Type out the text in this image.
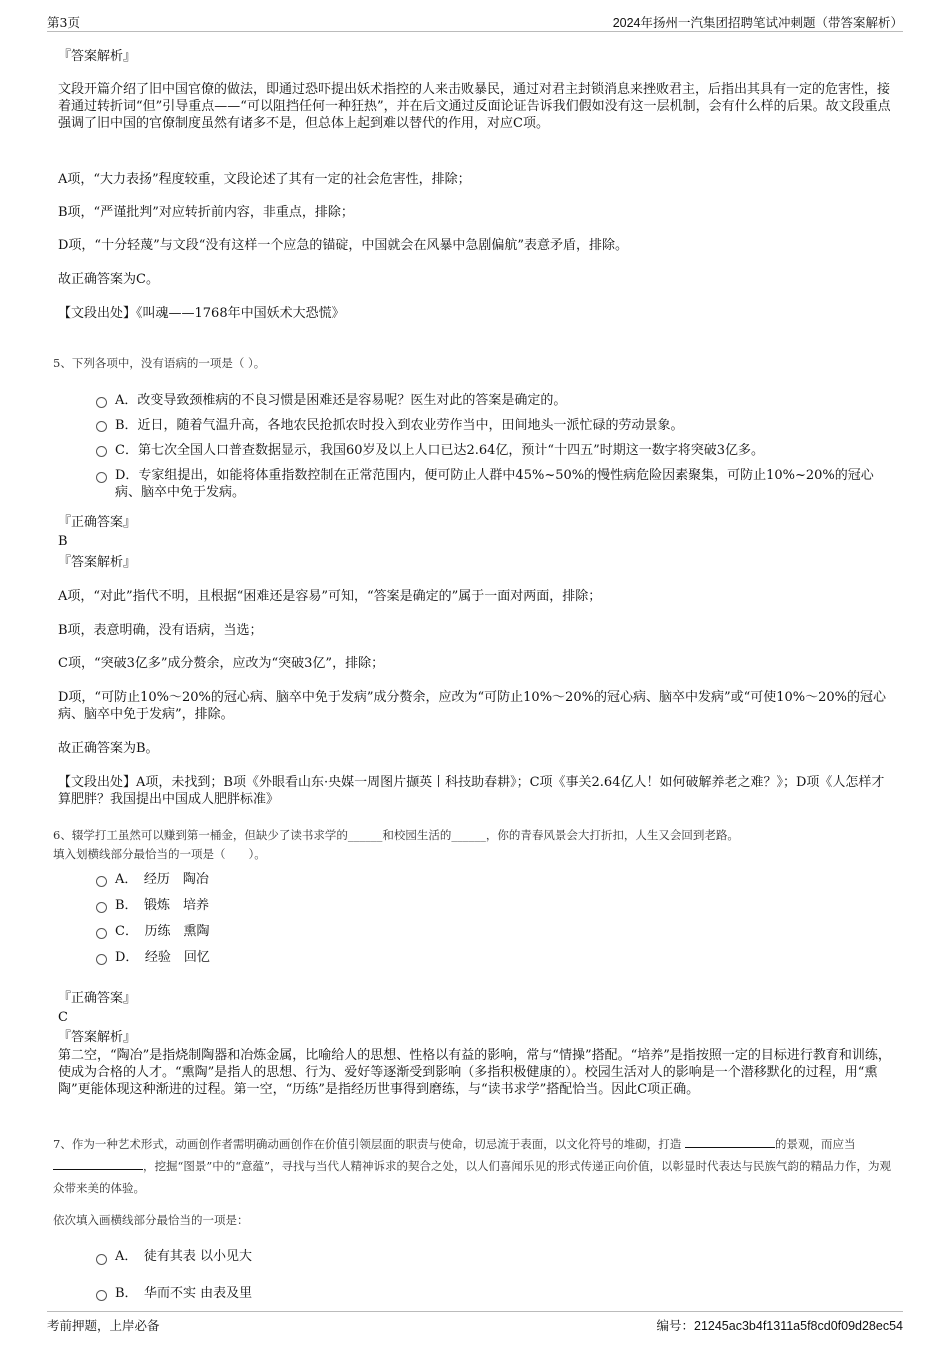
第3页	2024年扬州一汽集团招聘笔试冲刺题（带答案解析）
『答案解析』
文段开篇介绍了旧中国官僚的做法，即通过恐吓提出妖术指控的人来击败暴民，通过对君主封锁消息来挫败君主，后指出其具有一定的危害性，接着通过转折词“但”引导重点——“可以阻挡任何一种狂热”，并在后文通过反面论证告诉我们假如没有这一层机制，会有什么样的后果。故文段重点强调了旧中国的官僚制度虽然有诸多不是，但总体上起到难以替代的作用，对应C项。
A项，“大力表扬”程度较重，文段论述了其有一定的社会危害性，排除；
B项，“严谨批判”对应转折前内容，非重点，排除；
D项，“十分轻蔑”与文段“没有这样一个应急的锚碇，中国就会在风暴中急剧偏航”表意矛盾，排除。
故正确答案为C。
【文段出处】《叫魂——1768年中国妖术大恐慌》
5、下列各项中，没有语病的一项是（ ）。
A．改变导致颈椎病的不良习惯是困难还是容易呢？医生对此的答案是确定的。
B．近日，随着气温升高，各地农民抢抓农时投入到农业劳作当中，田间地头一派忙碌的劳动景象。
C．第七次全国人口普查数据显示，我国60岁及以上人口已达2.64亿，预计“十四五”时期这一数字将突破3亿多。
D．专家组提出，如能将体重指数控制在正常范围内，便可防止人群中45%~50%的慢性病危险因素聚集，可防止10%~20%的冠心病、脑卒中免于发病。
『正确答案』
B
『答案解析』
A项，“对此”指代不明，且根据“困难还是容易”可知，“答案是确定的”属于一面对两面，排除；
B项，表意明确，没有语病，当选；
C项，“突破3亿多”成分赘余，应改为“突破3亿”，排除；
D项，“可防止10%～20%的冠心病、脑卒中免于发病”成分赘余，应改为“可防止10%～20%的冠心病、脑卒中发病”或“可使10%～20%的冠心病、脑卒中免于发病”，排除。
故正确答案为B。
【文段出处】A项，未找到；B项《外眼看山东·央媒一周图片撷英丨科技助春耕》；C项《事关2.64亿人！如何破解养老之难？》；D项《人怎样才算肥胖？我国提出中国成人肥胖标准》
6、辍学打工虽然可以赚到第一桶金，但缺少了读书求学的______和校园生活的______，你的青春风景会大打折扣，人生又会回到老路。
填入划横线部分最恰当的一项是（　　）。
A．　经历　陶冶
B．　锻炼　培养
C．　历练　熏陶
D．　经验　回忆
『正确答案』
C
『答案解析』
第二空，“陶冶”是指烧制陶器和冶炼金属，比喻给人的思想、性格以有益的影响，常与“情操”搭配。“培养”是指按照一定的目标进行教育和训练，使成为合格的人才。“熏陶”是指人的思想、行为、爱好等逐渐受到影响（多指积极健康的）。校园生活对人的影响是一个潜移默化的过程，用“熏陶”更能体现这种渐进的过程。第一空，“历练”是指经历世事得到磨练，与“读书求学”搭配恰当。因此C项正确。
7、作为一种艺术形式，动画创作者需明确动画创作在价值引领层面的职责与使命，切忌流于表面，以文化符号的堆砌，打造	的景观，而应当 ，挖掘“图景”中的“意蕴”，寻找与当代人精神诉求的契合之处，以人们喜闻乐见的形式传递正向价值，以彰显时代表达与民族气韵的精品力作，为观众带来美的体验。
依次填入画横线部分最恰当的一项是：
A．　徒有其表 以小见大
B．　华而不实 由表及里
考前押题，上岸必备	编号：21245ac3b4f1311a5f8cd0f09d28ec54
